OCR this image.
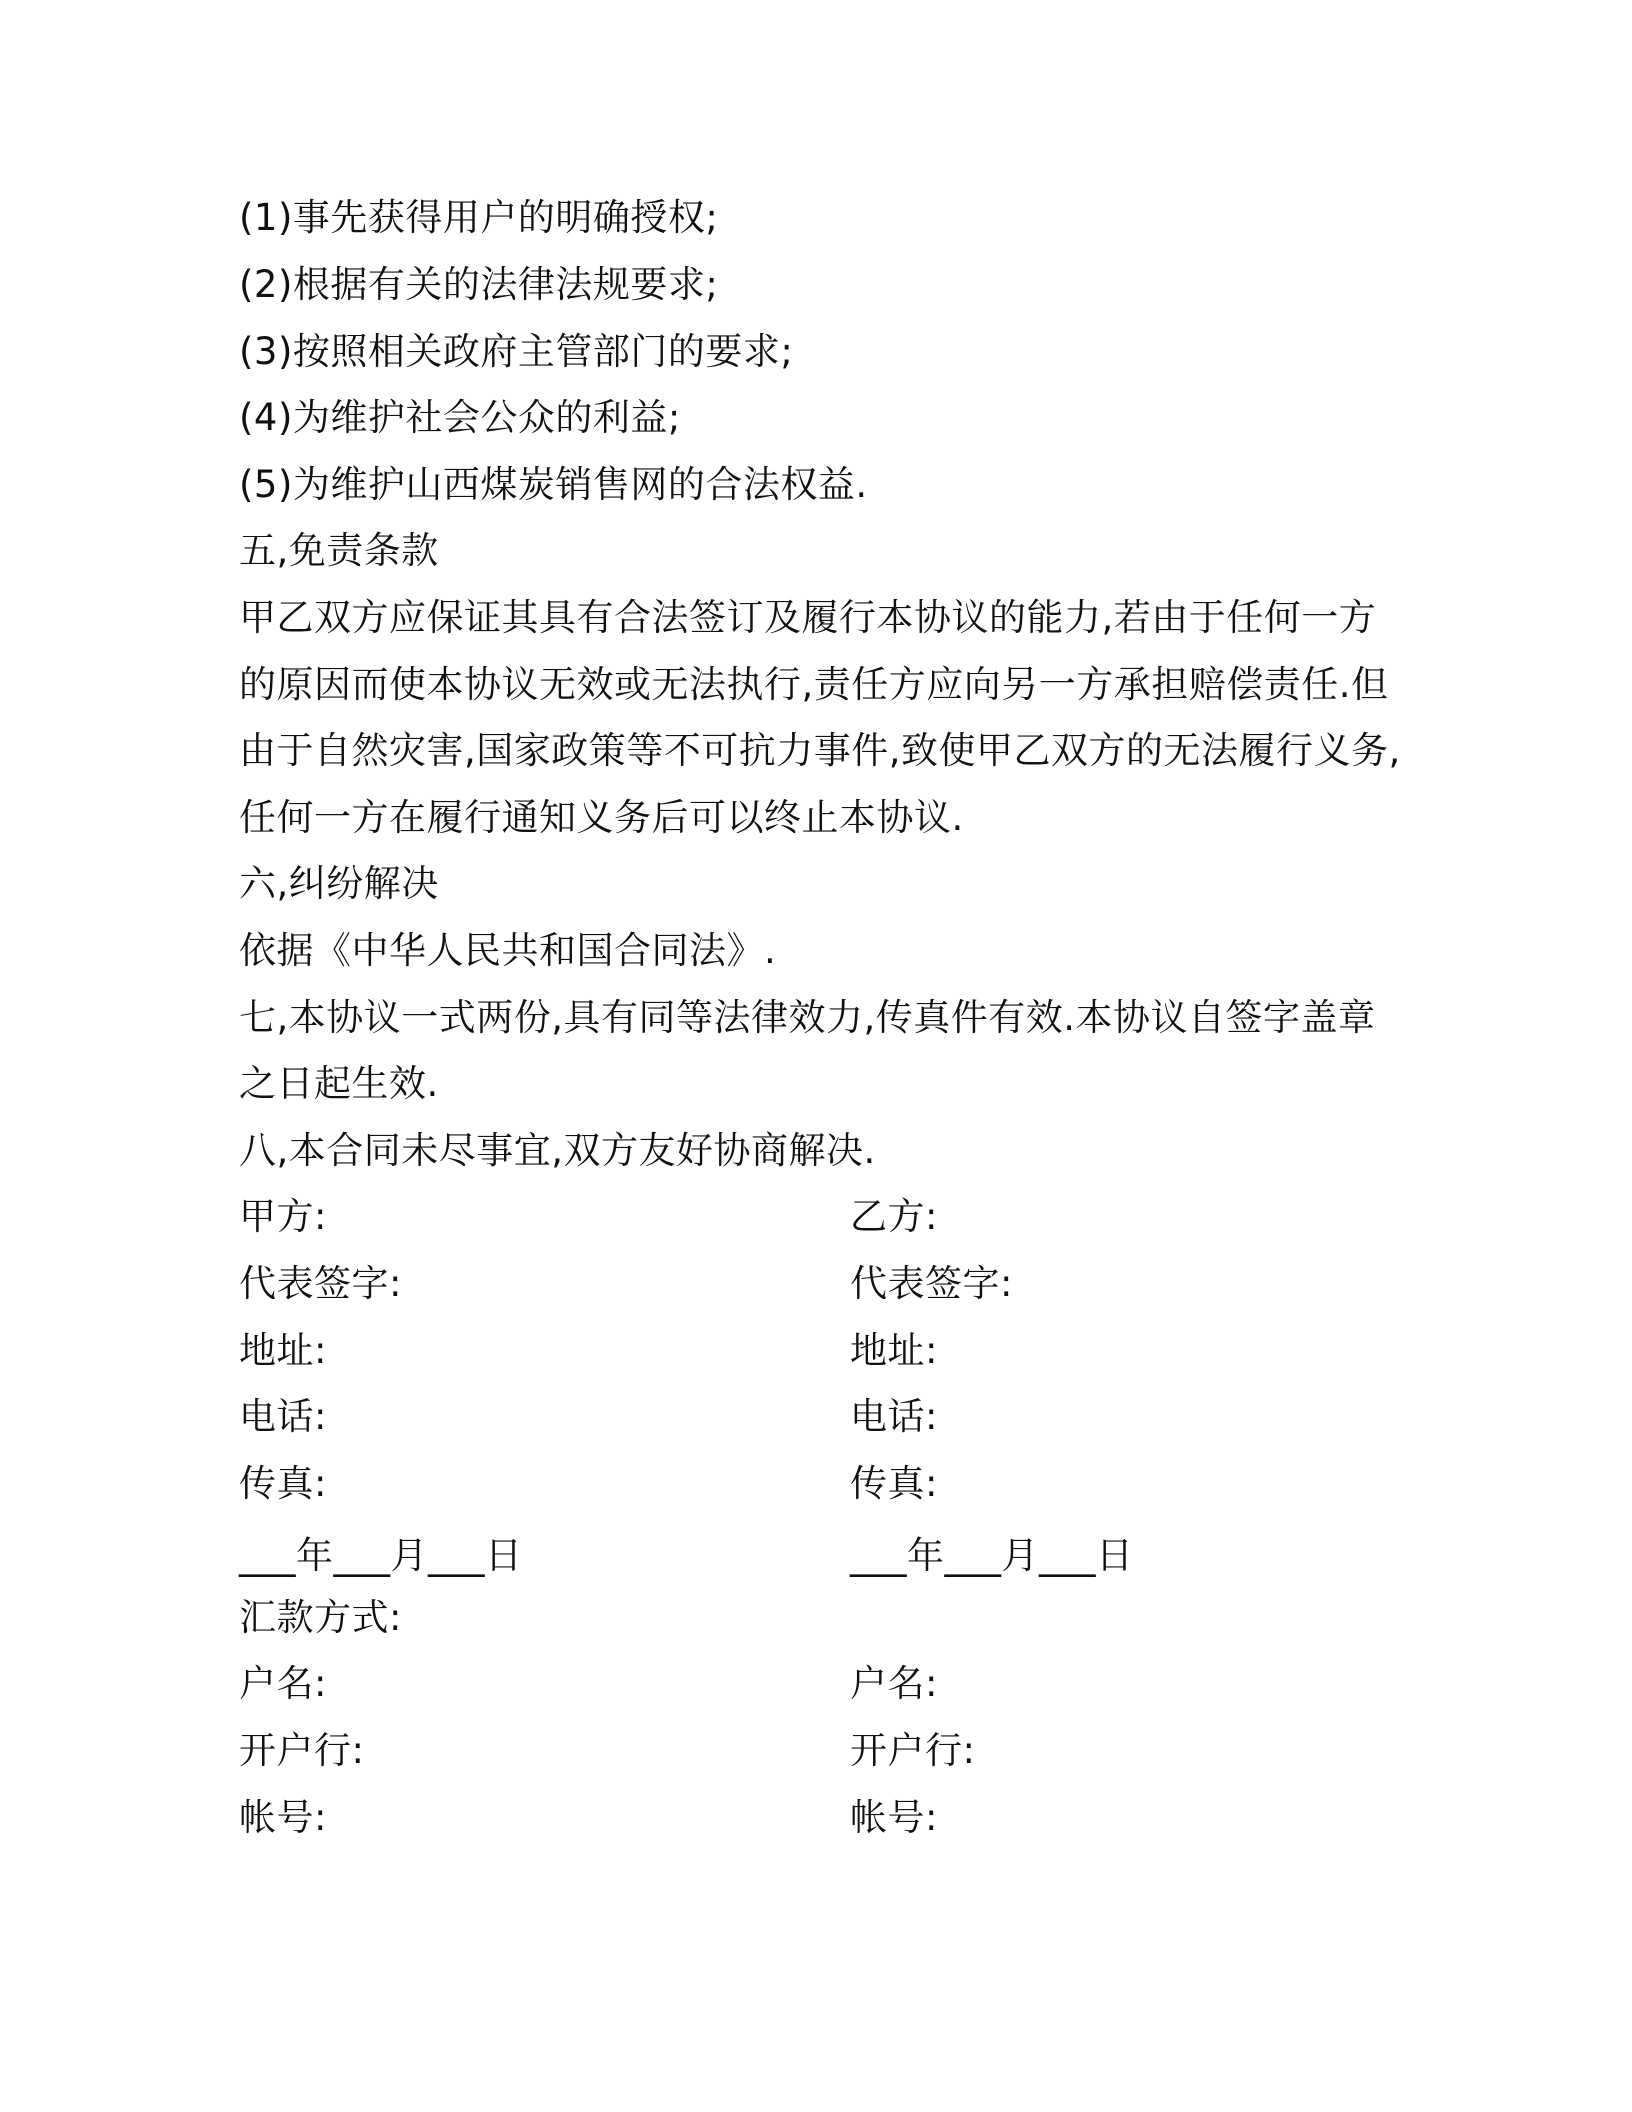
(1)事先获得用户的明确授权;
(2)根据有关的法律法规要求;
(3)按照相关政府主管部门的要求;
(4)为维护社会公众的利益;
(5)为维护山西煤炭销售网的合法权益.
五,免责条款
甲乙双方应保证其具有合法签订及履行本协议的能力,若由于任何一方
的原因而使本协议无效或无法执行,责任方应向另一方承担赔偿责任.但
由于自然灾害,国家政策等不可抗力事件,致使甲乙双方的无法履行义务,
任何一方在履行通知义务后可以终止本协议.
六,纠纷解决
依据《中华人民共和国合同法》.
七,本协议一式两份,具有同等法律效力,传真件有效.本协议自签字盖章
之日起生效.
八,本合同未尽事宜,双方友好协商解决.
甲方:	乙方:
代表签字:	代表签字:
地址:	地址:
电话:	电话:
传真:	传真:
___年___月___日	___年___月___日
汇款方式:
户名:	户名:
开户行:	开户行:
帐号:	帐号:
